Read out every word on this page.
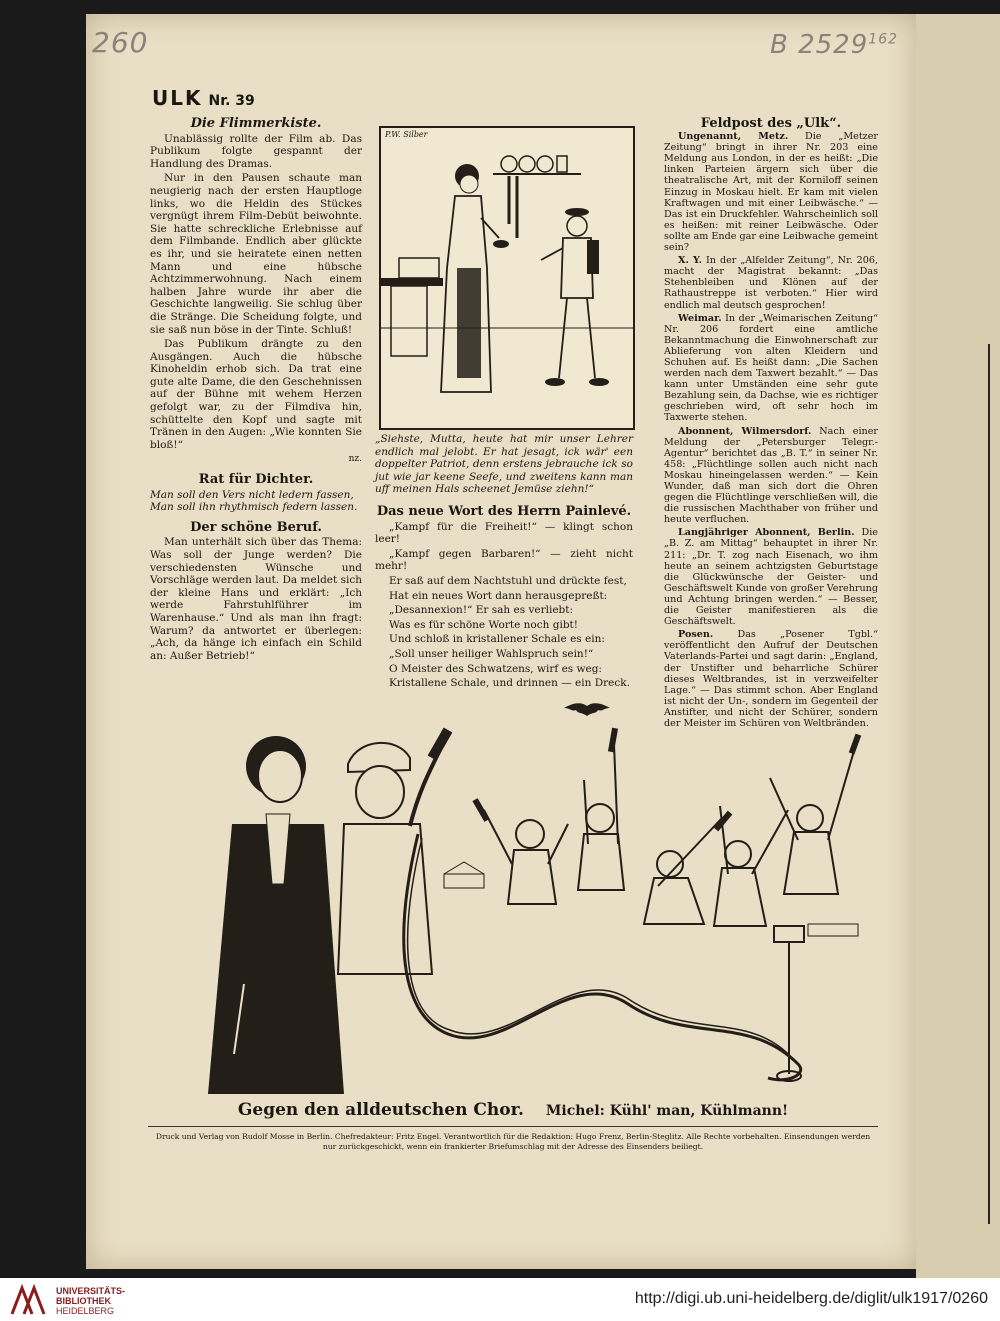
260	B 2529$^{162}$
ULK Nr. 39

Die Flimmerkiste.

Unablässig rollte der Film ab. Das Publikum folgte gespannt der Handlung des Dramas.

Nur in den Pausen schaute man neugierig nach der ersten Hauptloge links, wo die Heldin des Stückes vergnügt ihrem Film-Debüt beiwohnte. Sie hatte schreckliche Erlebnisse auf dem Filmbande. Endlich aber glückte es ihr, und sie heiratete einen netten Mann und eine hübsche Achtzimmerwohnung. Nach einem halben Jahre wurde ihr aber die Geschichte langweilig. Sie schlug über die Stränge. Die Scheidung folgte, und sie saß nun böse in der Tinte. Schluß!

Das Publikum drängte zu den Ausgängen. Auch die hübsche Kinoheldin erhob sich. Da trat eine gute alte Dame, die den Geschehnissen auf der Bühne mit wehem Herzen gefolgt war, zu der Filmdiva hin, schüttelte den Kopf und sagte mit Tränen in den Augen: „Wie konnten Sie bloß!“

nz.

Rat für Dichter.

Man soll den Vers nicht ledern fassen,
Man soll ihn rhythmisch federn lassen.

Der schöne Beruf.

Man unterhält sich über das Thema: Was soll der Junge werden? Die verschiedensten Wünsche und Vorschläge werden laut. Da meldet sich der kleine Hans und erklärt: „Ich werde Fahrstuhlführer im Warenhause.“ Und als man ihn fragt: Warum? da antwortet er überlegen: „Ach, da hänge ich einfach ein Schild an: Außer Betrieb!“

P.W. Silber

„Siehste, Mutta, heute hat mir unser Lehrer endlich mal jelobt. Er hat jesagt, ick wär' een doppelter Patriot, denn erstens jebrauche ick so jut wie jar keene Seefe, und zweitens kann man uff meinen Hals scheenet Jemüse ziehn!“

Das neue Wort des Herrn Painlevé.

„Kampf für die Freiheit!“ — klingt schon leer!

„Kampf gegen Barbaren!“ — zieht nicht mehr!

Er saß auf dem Nachtstuhl und drückte fest,

Hat ein neues Wort dann herausgepreßt:

„Desannexion!“ Er sah es verliebt:

Was es für schöne Worte noch gibt!

Und schloß in kristallener Schale es ein:

„Soll unser heiliger Wahlspruch sein!“

O Meister des Schwatzens, wirf es weg:

Kristallene Schale, und drinnen — ein Dreck.

Feldpost des „Ulk“.

Ungenannt, Metz. Die „Metzer Zeitung“ bringt in ihrer Nr. 203 eine Meldung aus London, in der es heißt: „Die linken Parteien ärgern sich über die theatralische Art, mit der Korniloff seinen Einzug in Moskau hielt. Er kam mit vielen Kraftwagen und mit einer Leibwäsche.“ — Das ist ein Druckfehler. Wahrscheinlich soll es heißen: mit reiner Leibwäsche. Oder sollte am Ende gar eine Leibwache gemeint sein?

X. Y. In der „Alfelder Zeitung“, Nr. 206, macht der Magistrat bekannt: „Das Stehenbleiben und Klönen auf der Rathaustreppe ist verboten.“ Hier wird endlich mal deutsch gesprochen!

Weimar. In der „Weimarischen Zeitung“ Nr. 206 fordert eine amtliche Bekanntmachung die Einwohnerschaft zur Ablieferung von alten Kleidern und Schuhen auf. Es heißt dann: „Die Sachen werden nach dem Taxwert bezahlt.“ — Das kann unter Umständen eine sehr gute Bezahlung sein, da Dachse, wie es richtiger geschrieben wird, oft sehr hoch im Taxwerte stehen.

Abonnent, Wilmersdorf. Nach einer Meldung der „Petersburger Telegr.-Agentur“ berichtet das „B. T.“ in seiner Nr. 458: „Flüchtlinge sollen auch nicht nach Moskau hineingelassen werden.“ — Kein Wunder, daß man sich dort die Ohren gegen die Flüchtlinge verschließen will, die die russischen Machthaber von früher und heute verfluchen.

Langjähriger Abonnent, Berlin. Die „B. Z. am Mittag“ behauptet in ihrer Nr. 211: „Dr. T. zog nach Eisenach, wo ihm heute an seinem achtzigsten Geburtstage die Glückwünsche der Geister- und Geschäftswelt Kunde von großer Verehrung und Achtung bringen werden.“ — Besser, die Geister manifestieren als die Geschäftswelt.

Posen.	Das „Posener Tgbl.“ veröffentlicht den Aufruf der Deutschen Vaterlands-Partei und sagt darin: „England, der Unstifter und beharrliche Schürer dieses Weltbrandes, ist in verzweifelter Lage.“ — Das stimmt schon. Aber England ist nicht der Un-, sondern im Gegenteil der Anstifter, und nicht der Schürer, sondern der Meister im Schüren von Weltbränden.

Gegen den alldeutschen Chor. Michel: Kühl' man, Kühlmann!
Druck und Verlag von Rudolf Mosse in Berlin. Chefredakteur: Fritz Engel. Verantwortlich für die Redaktion: Hugo Frenz, Berlin-Steglitz. Alle Rechte vorbehalten. Einsendungen werden nur zurückgeschickt, wenn ein frankierter Briefumschlag mit der Adresse des Einsenders beiliegt.
UNIVERSITÄTS-
BIBLIOTHEK
HEIDELBERG
http://digi.ub.uni-heidelberg.de/diglit/ulk1917/0260
